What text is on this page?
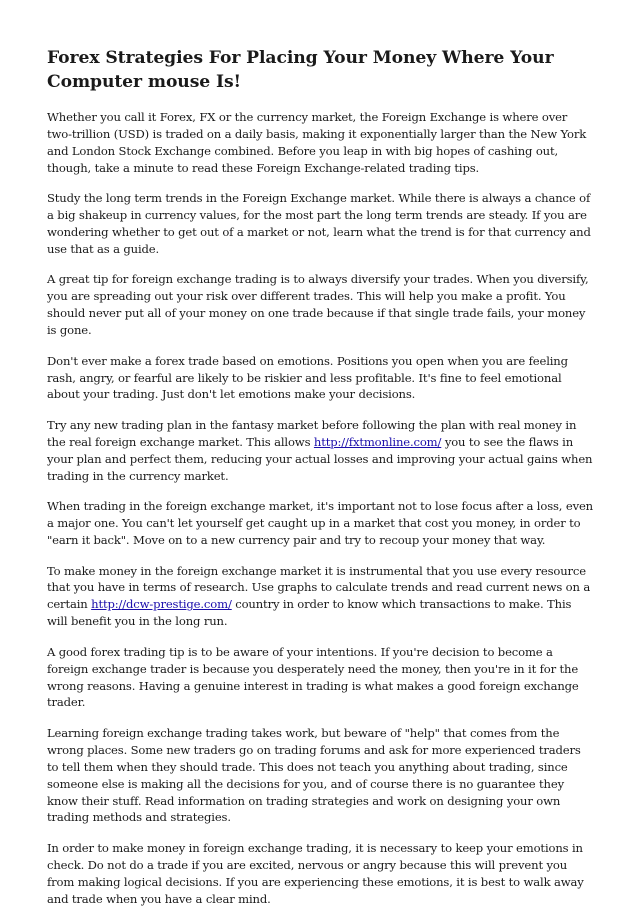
Forex Strategies For Placing Your Money Where Your Computer mouse Is!

Whether you call it Forex, FX or the currency market, the Foreign Exchange is where over two-trillion (USD) is traded on a daily basis, making it exponentially larger than the New York and London Stock Exchange combined. Before you leap in with big hopes of cashing out, though, take a minute to read these Foreign Exchange-related trading tips.

Study the long term trends in the Foreign Exchange market. While there is always a chance of a big shakeup in currency values, for the most part the long term trends are steady. If you are wondering whether to get out of a market or not, learn what the trend is for that currency and use that as a guide.

A great tip for foreign exchange trading is to always diversify your trades. When you diversify, you are spreading out your risk over different trades. This will help you make a profit. You should never put all of your money on one trade because if that single trade fails, your money is gone.

Don't ever make a forex trade based on emotions. Positions you open when you are feeling rash, angry, or fearful are likely to be riskier and less profitable. It's fine to feel emotional about your trading. Just don't let emotions make your decisions.

Try any new trading plan in the fantasy market before following the plan with real money in the real foreign exchange market. This allows http://fxtmonline.com/ you to see the flaws in your plan and perfect them, reducing your actual losses and improving your actual gains when trading in the currency market.

When trading in the foreign exchange market, it's important not to lose focus after a loss, even a major one. You can't let yourself get caught up in a market that cost you money, in order to "earn it back". Move on to a new currency pair and try to recoup your money that way.

To make money in the foreign exchange market it is instrumental that you use every resource that you have in terms of research. Use graphs to calculate trends and read current news on a certain http://dcw-prestige.com/ country in order to know which transactions to make. This will benefit you in the long run.

A good forex trading tip is to be aware of your intentions. If you're decision to become a foreign exchange trader is because you desperately need the money, then you're in it for the wrong reasons. Having a genuine interest in trading is what makes a good foreign exchange trader.

Learning foreign exchange trading takes work, but beware of "help" that comes from the wrong places. Some new traders go on trading forums and ask for more experienced traders to tell them when they should trade. This does not teach you anything about trading, since someone else is making all the decisions for you, and of course there is no guarantee they know their stuff. Read information on trading strategies and work on designing your own trading methods and strategies.

In order to make money in foreign exchange trading, it is necessary to keep your emotions in check. Do not do a trade if you are excited, nervous or angry because this will prevent you from making logical decisions. If you are experiencing these emotions, it is best to walk away and trade when you have a clear mind.
